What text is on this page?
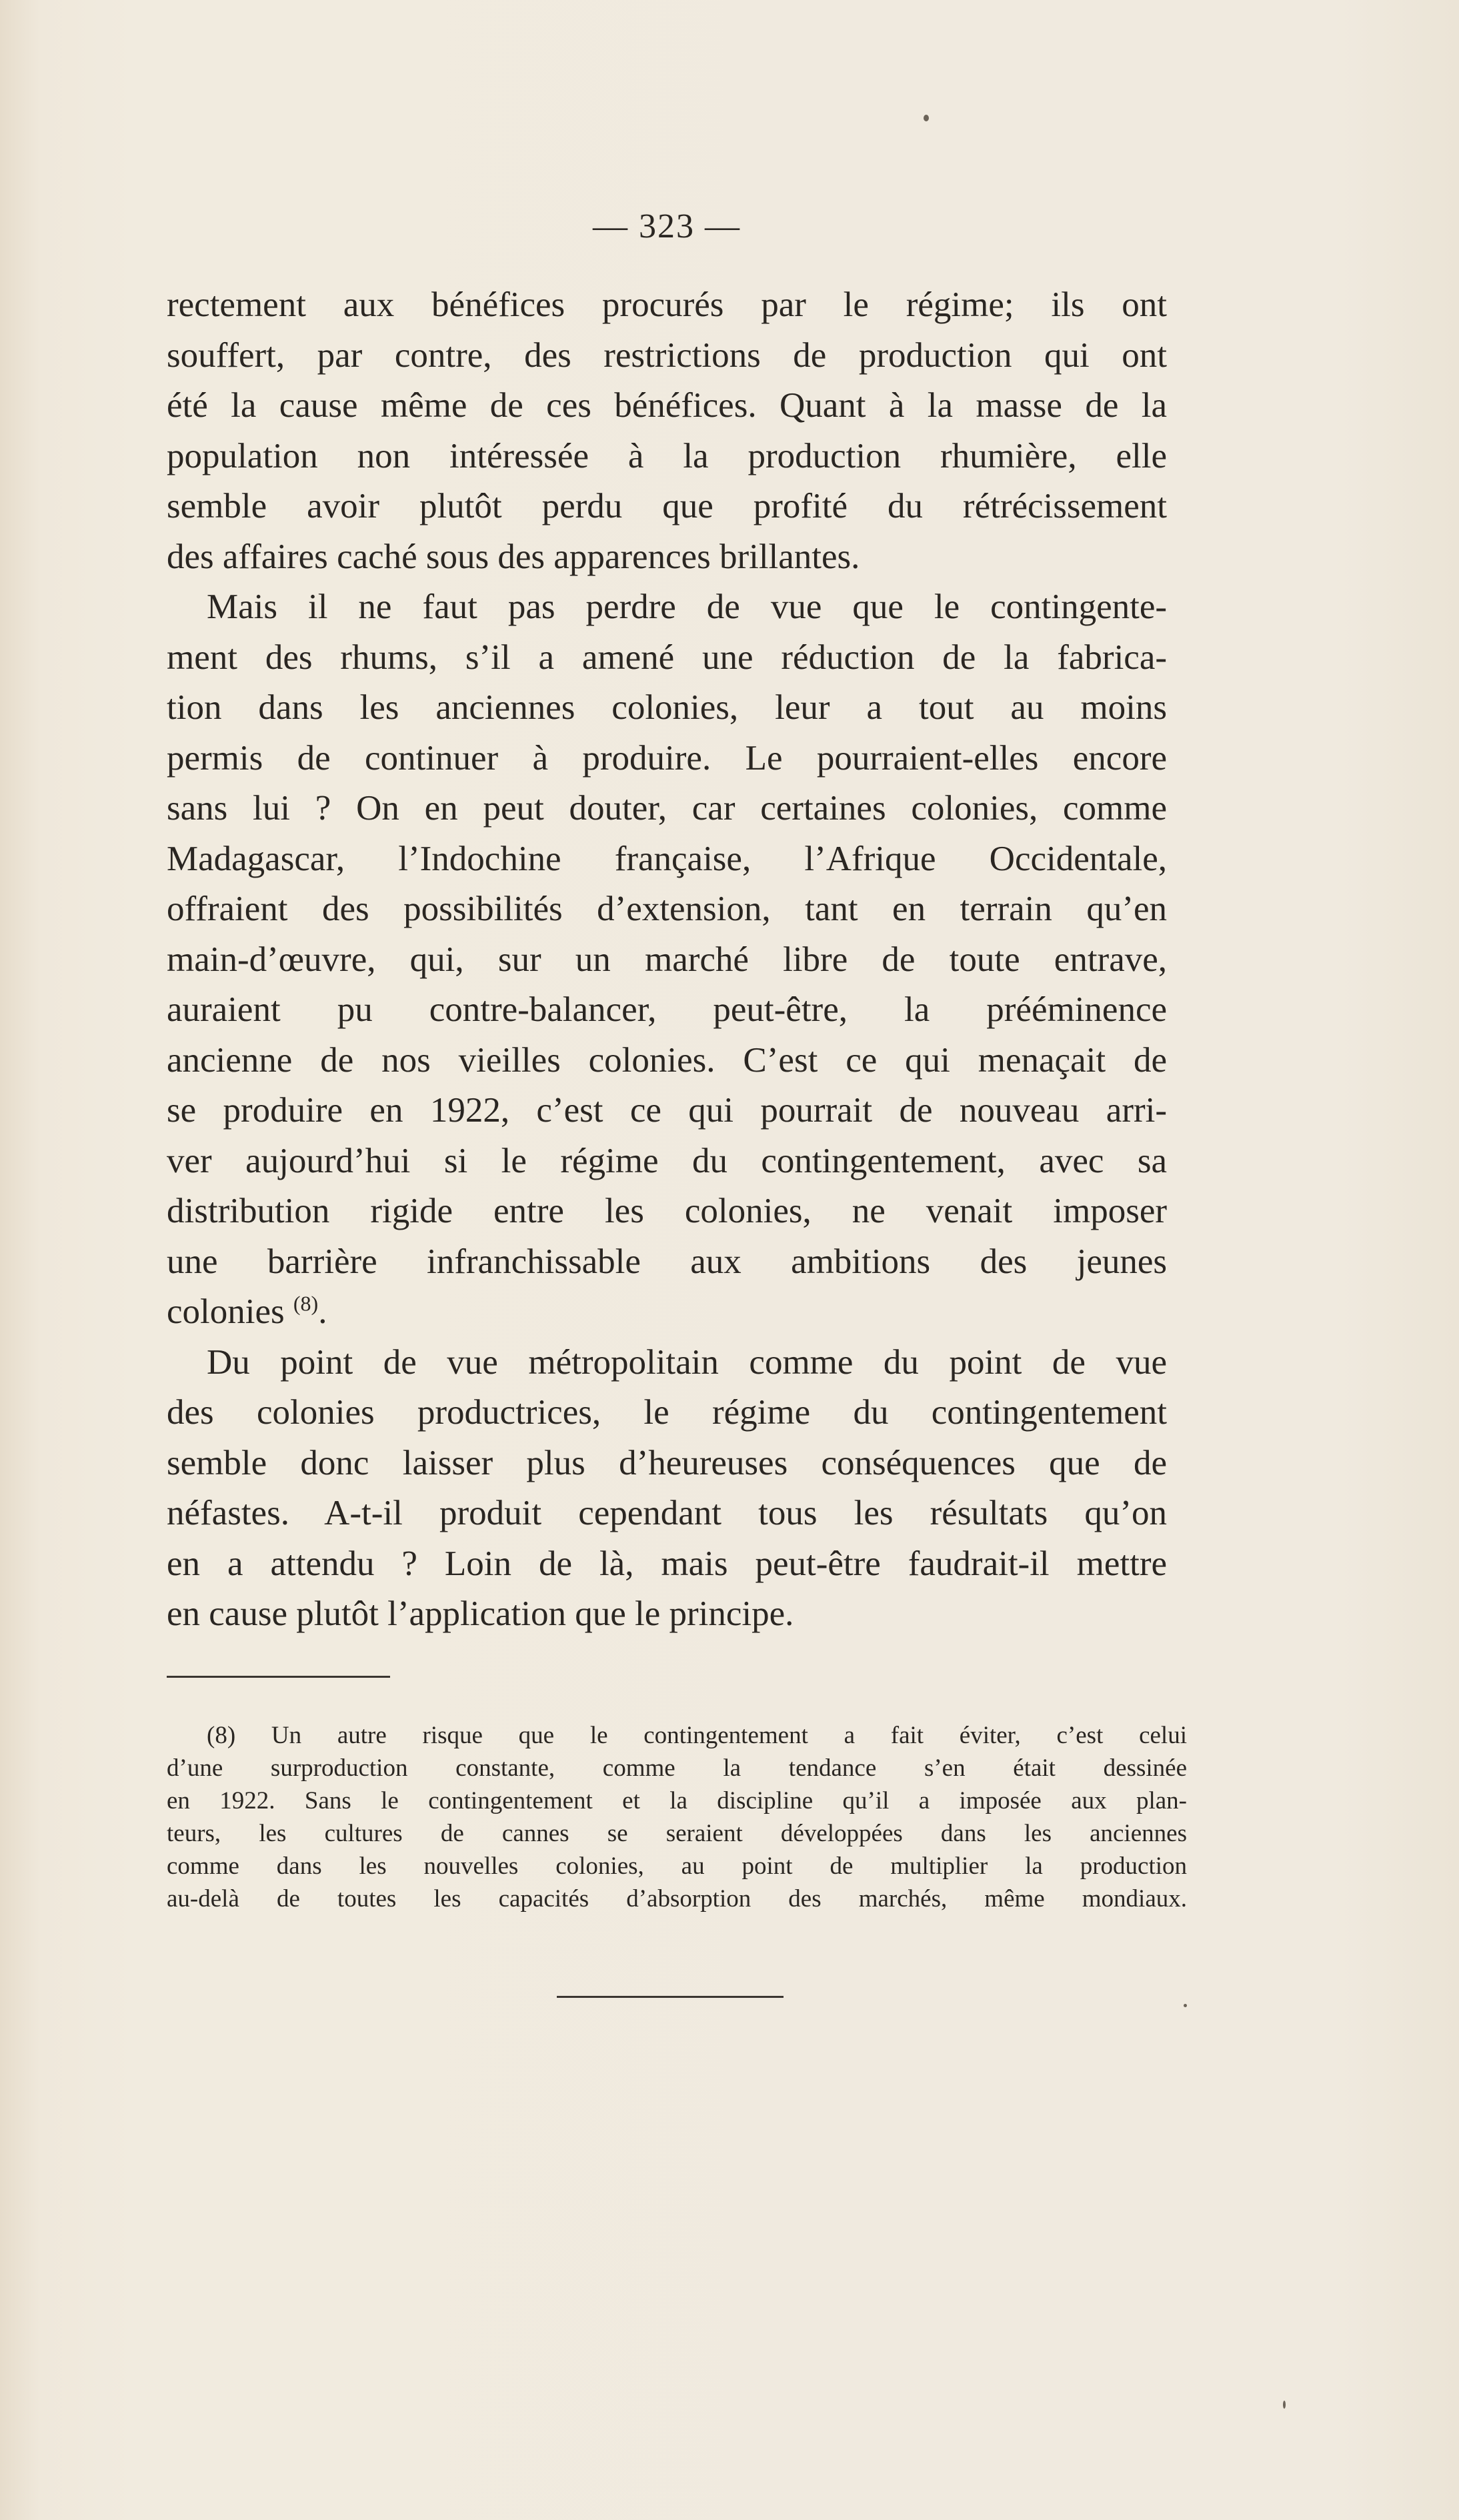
— 323 —

rectement aux bénéfices procurés par le régime; ils ont
souffert, par contre, des restrictions de production qui ont
été la cause même de ces bénéfices. Quant à la masse de la
population non intéressée à la production rhumière, elle
semble avoir plutôt perdu que profité du rétrécissement
des affaires caché sous des apparences brillantes.

Mais il ne faut pas perdre de vue que le contingente-
ment des rhums, s’il a amené une réduction de la fabrica-
tion dans les anciennes colonies, leur a tout au moins
permis de continuer à produire. Le pourraient-elles encore
sans lui ? On en peut douter, car certaines colonies, comme
Madagascar, l’Indochine française, l’Afrique Occidentale,
offraient des possibilités d’extension, tant en terrain qu’en
main-d’œuvre, qui, sur un marché libre de toute entrave,
auraient pu contre-balancer, peut-être, la prééminence
ancienne de nos vieilles colonies. C’est ce qui menaçait de
se produire en 1922, c’est ce qui pourrait de nouveau arri-
ver aujourd’hui si le régime du contingentement, avec sa
distribution rigide entre les colonies, ne venait imposer
une barrière infranchissable aux ambitions des jeunes
colonies $^{(8)}$.

Du point de vue métropolitain comme du point de vue
des colonies productrices, le régime du contingentement
semble donc laisser plus d’heureuses conséquences que de
néfastes. A-t-il produit cependant tous les résultats qu’on
en a attendu ? Loin de là, mais peut-être faudrait-il mettre
en cause plutôt l’application que le principe.

(8) Un autre risque que le contingentement a fait éviter, c’est celui
d’une surproduction constante, comme la tendance s’en était dessinée
en 1922. Sans le contingentement et la discipline qu’il a imposée aux plan-
teurs, les cultures de cannes se seraient développées dans les anciennes
comme dans les nouvelles colonies, au point de multiplier la production
au-delà de toutes les capacités d’absorption des marchés, même mondiaux.
